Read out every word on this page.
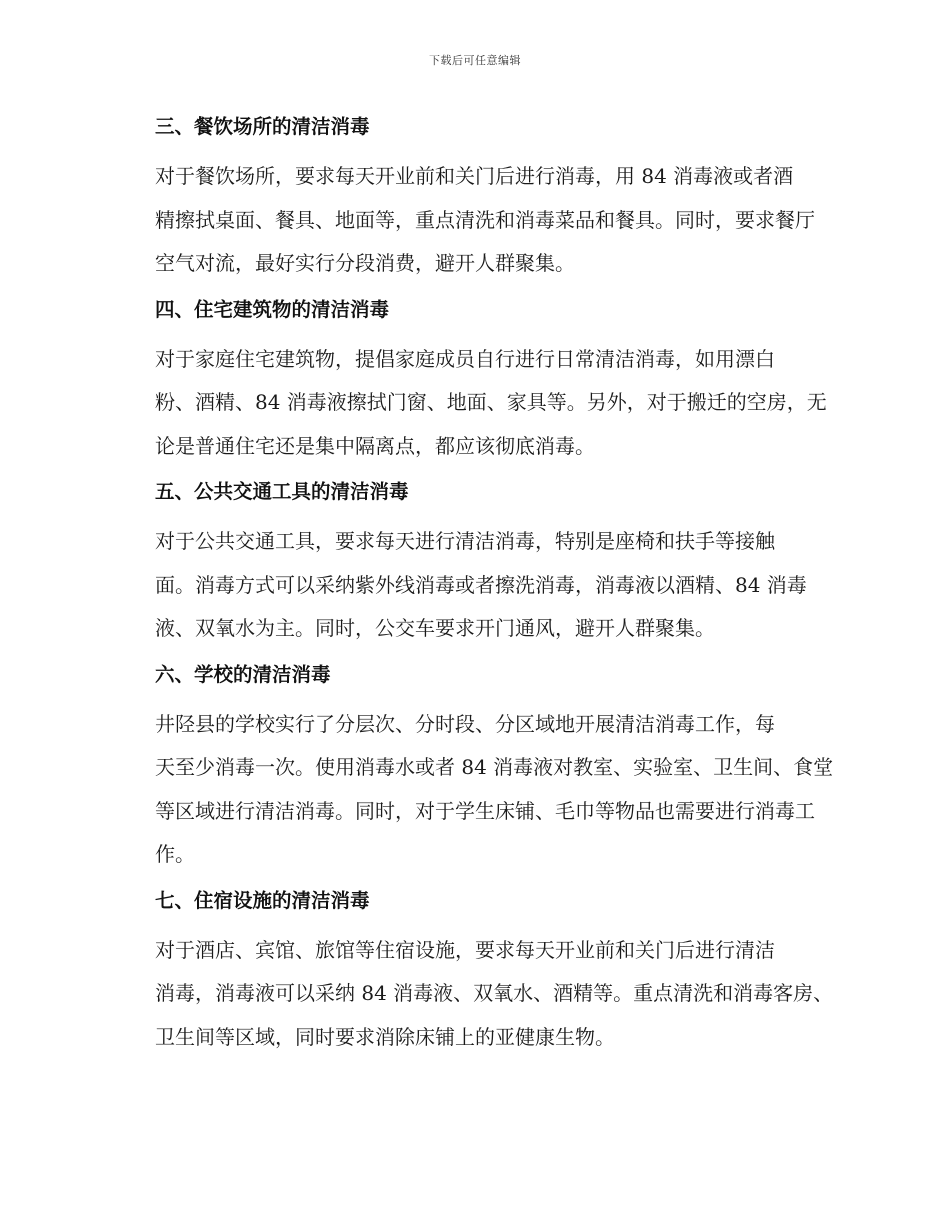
下载后可任意编辑
三、餐饮场所的清洁消毒
对于餐饮场所，要求每天开业前和关门后进行消毒，用 84 消毒液或者酒
精擦拭桌面、餐具、地面等，重点清洗和消毒菜品和餐具。同时，要求餐厅
空气对流，最好实行分段消费，避开人群聚集。
四、住宅建筑物的清洁消毒
对于家庭住宅建筑物，提倡家庭成员自行进行日常清洁消毒，如用漂白
粉、酒精、84 消毒液擦拭门窗、地面、家具等。另外，对于搬迁的空房，无
论是普通住宅还是集中隔离点，都应该彻底消毒。
五、公共交通工具的清洁消毒
对于公共交通工具，要求每天进行清洁消毒，特别是座椅和扶手等接触
面。消毒方式可以采纳紫外线消毒或者擦洗消毒，消毒液以酒精、84 消毒
液、双氧水为主。同时，公交车要求开门通风，避开人群聚集。
六、学校的清洁消毒
井陉县的学校实行了分层次、分时段、分区域地开展清洁消毒工作，每
天至少消毒一次。使用消毒水或者 84 消毒液对教室、实验室、卫生间、食堂
等区域进行清洁消毒。同时，对于学生床铺、毛巾等物品也需要进行消毒工
作。
七、住宿设施的清洁消毒
对于酒店、宾馆、旅馆等住宿设施，要求每天开业前和关门后进行清洁
消毒，消毒液可以采纳 84 消毒液、双氧水、酒精等。重点清洗和消毒客房、
卫生间等区域，同时要求消除床铺上的亚健康生物。
